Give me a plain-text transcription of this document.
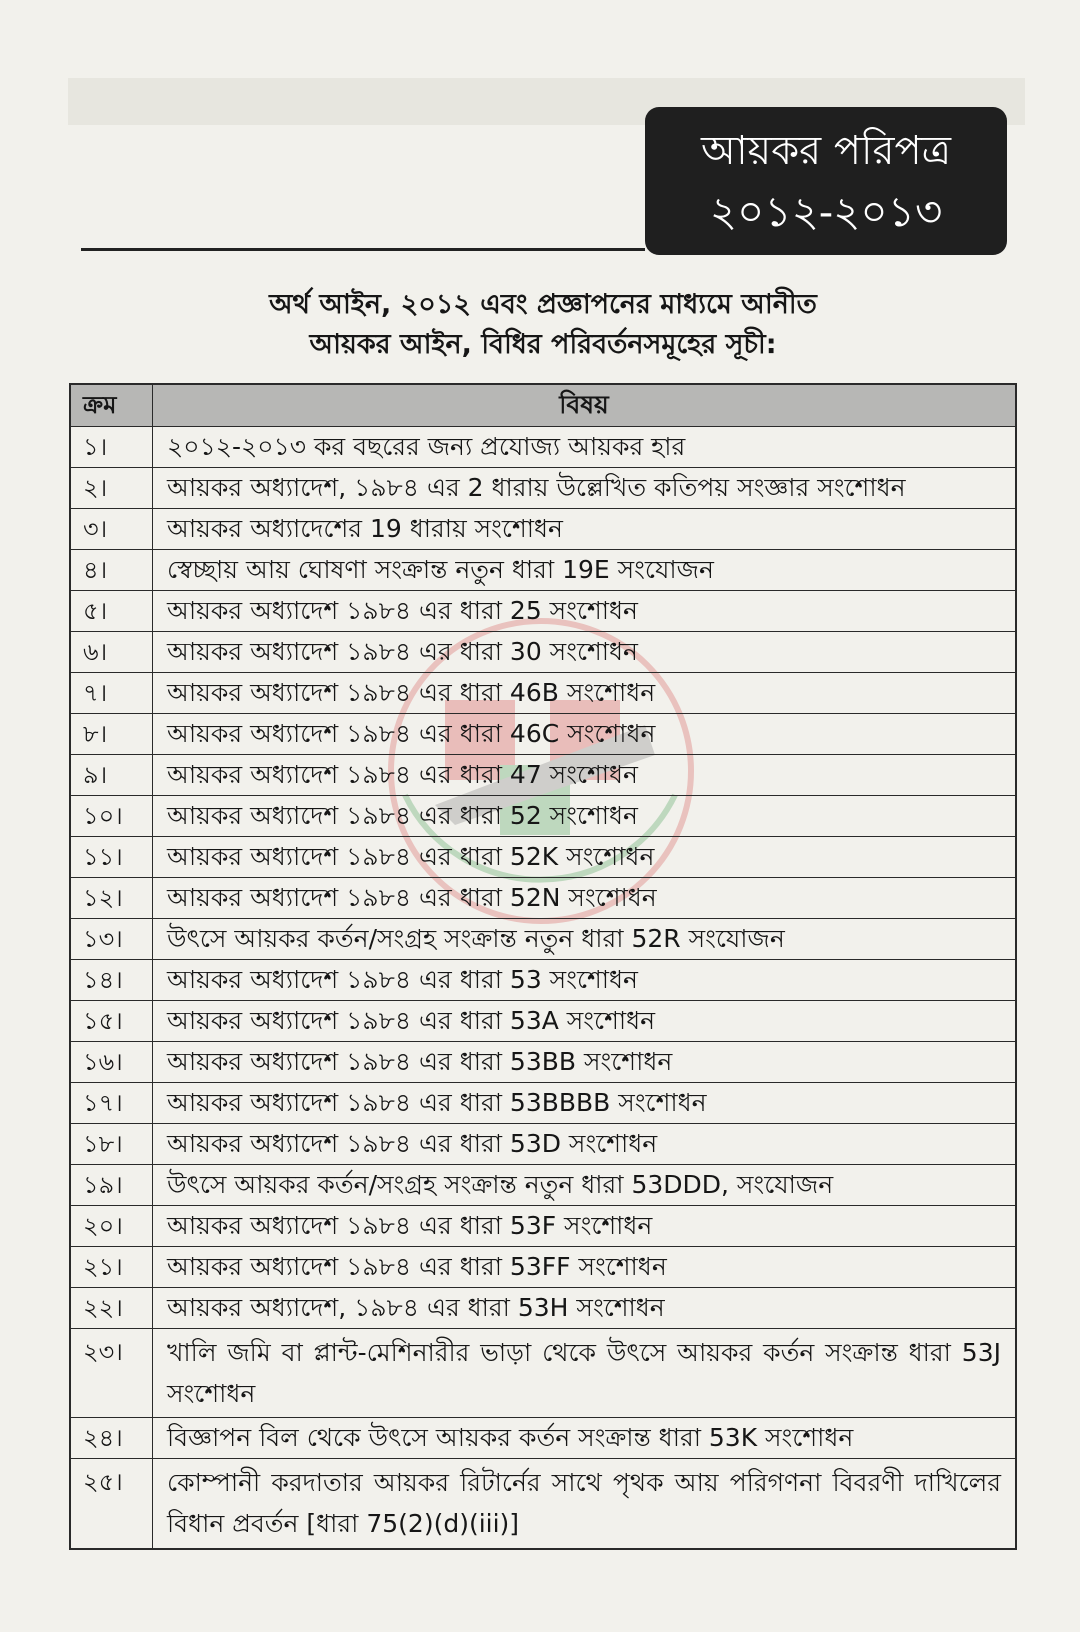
আয়কর পরিপত্র
২০১২-২০১৩
অর্থ আইন, ২০১২ এবং প্রজ্ঞাপনের মাধ্যমে আনীত
আয়কর আইন, বিধির পরিবর্তনসমূহের সূচী:
ক্রম	বিষয়
১।	২০১২-২০১৩ কর বছরের জন্য প্রযোজ্য আয়কর হার
২।	আয়কর অধ্যাদেশ, ১৯৮৪ এর 2 ধারায় উল্লেখিত কতিপয় সংজ্ঞার সংশোধন
৩।	আয়কর অধ্যাদেশের 19 ধারায় সংশোধন
৪।	স্বেচ্ছায় আয় ঘোষণা সংক্রান্ত নতুন ধারা 19E সংযোজন
৫।	আয়কর অধ্যাদেশ ১৯৮৪ এর ধারা 25 সংশোধন
৬।	আয়কর অধ্যাদেশ ১৯৮৪ এর ধারা 30 সংশোধন
৭।	আয়কর অধ্যাদেশ ১৯৮৪ এর ধারা 46B সংশোধন
৮।	আয়কর অধ্যাদেশ ১৯৮৪ এর ধারা 46C সংশোধন
৯।	আয়কর অধ্যাদেশ ১৯৮৪ এর ধারা 47 সংশোধন
১০।	আয়কর অধ্যাদেশ ১৯৮৪ এর ধারা 52 সংশোধন
১১।	আয়কর অধ্যাদেশ ১৯৮৪ এর ধারা 52K সংশোধন
১২।	আয়কর অধ্যাদেশ ১৯৮৪ এর ধারা 52N সংশোধন
১৩।	উৎসে আয়কর কর্তন/সংগ্রহ সংক্রান্ত নতুন ধারা 52R সংযোজন
১৪।	আয়কর অধ্যাদেশ ১৯৮৪ এর ধারা 53 সংশোধন
১৫।	আয়কর অধ্যাদেশ ১৯৮৪ এর ধারা 53A সংশোধন
১৬।	আয়কর অধ্যাদেশ ১৯৮৪ এর ধারা 53BB সংশোধন
১৭।	আয়কর অধ্যাদেশ ১৯৮৪ এর ধারা 53BBBB সংশোধন
১৮।	আয়কর অধ্যাদেশ ১৯৮৪ এর ধারা 53D সংশোধন
১৯।	উৎসে আয়কর কর্তন/সংগ্রহ সংক্রান্ত নতুন ধারা 53DDD, সংযোজন
২০।	আয়কর অধ্যাদেশ ১৯৮৪ এর ধারা 53F সংশোধন
২১।	আয়কর অধ্যাদেশ ১৯৮৪ এর ধারা 53FF সংশোধন
২২।	আয়কর অধ্যাদেশ, ১৯৮৪ এর ধারা 53H সংশোধন
২৩।	খালি জমি বা প্লান্ট-মেশিনারীর ভাড়া থেকে উৎসে আয়কর কর্তন সংক্রান্ত ধারা 53J সংশোধন
২৪।	বিজ্ঞাপন বিল থেকে উৎসে আয়কর কর্তন সংক্রান্ত ধারা 53K সংশোধন
২৫।	কোম্পানী করদাতার আয়কর রিটার্নের সাথে পৃথক আয় পরিগণনা বিবরণী দাখিলের বিধান প্রবর্তন [ধারা 75(2)(d)(iii)]
